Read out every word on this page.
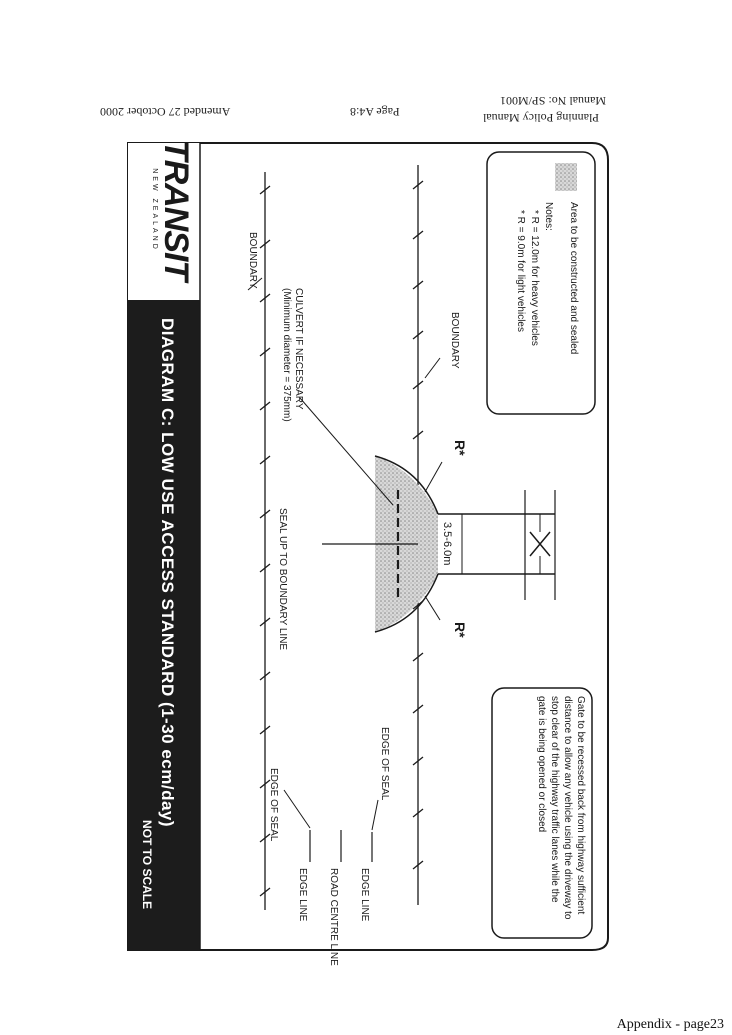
Planning Policy Manual
Manual No: SP/M001
Page A4:8
Amended 27 October 2000
TRANSIT
NEW ZEALAND
DIAGRAM C: LOW USE ACCESS STANDARD (1-30 ecm/day)
NOT TO SCALE
Area to be constructed and sealed
Notes:
* R = 12.0m for heavy vehicles
* R = 9.0m for light vehicles
Gate to be recessed back from highway sufficient
distance to allow any vehicle using the driveway to
stop clear of the highway traffic lanes while the
gate is being opened or closed
3.5-6.0m
R*
R*
BOUNDARY
BOUNDARY
CULVERT IF NECESSARY
(Minimum diameter = 375mm)
SEAL UP TO BOUNDARY LINE
EDGE OF SEAL
EDGE OF SEAL
EDGE LINE
ROAD CENTRE LINE
EDGE LINE
Appendix - page23
